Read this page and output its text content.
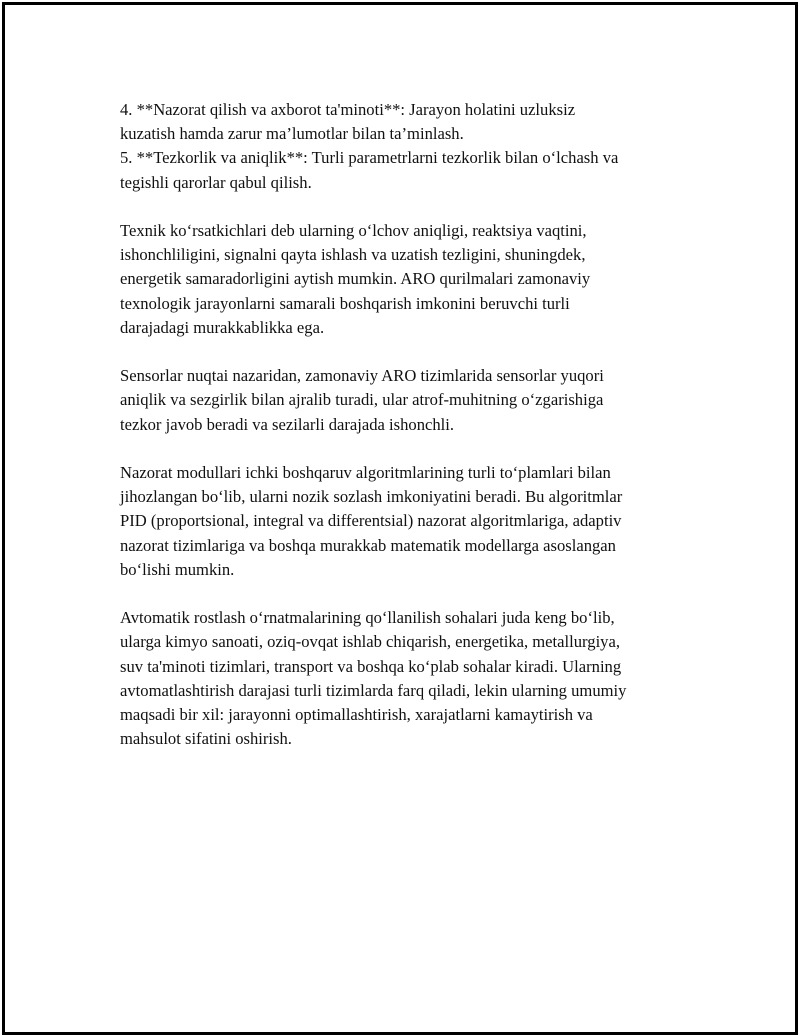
4. **Nazorat qilish va axborot ta'minoti**: Jarayon holatini uzluksiz
kuzatish hamda zarur ma’lumotlar bilan ta’minlash.
5. **Tezkorlik va aniqlik**: Turli parametrlarni tezkorlik bilan o‘lchash va
tegishli qarorlar qabul qilish.

Texnik ko‘rsatkichlari deb ularning o‘lchov aniqligi, reaktsiya vaqtini,
ishonchliligini, signalni qayta ishlash va uzatish tezligini, shuningdek,
energetik samaradorligini aytish mumkin. ARO qurilmalari zamonaviy
texnologik jarayonlarni samarali boshqarish imkonini beruvchi turli
darajadagi murakkablikka ega.

Sensorlar nuqtai nazaridan, zamonaviy ARO tizimlarida sensorlar yuqori
aniqlik va sezgirlik bilan ajralib turadi, ular atrof-muhitning o‘zgarishiga
tezkor javob beradi va sezilarli darajada ishonchli.

Nazorat modullari ichki boshqaruv algoritmlarining turli to‘plamlari bilan
jihozlangan bo‘lib, ularni nozik sozlash imkoniyatini beradi. Bu algoritmlar
PID (proportsional, integral va differentsial) nazorat algoritmlariga, adaptiv
nazorat tizimlariga va boshqa murakkab matematik modellarga asoslangan
bo‘lishi mumkin.

Avtomatik rostlash o‘rnatmalarining qo‘llanilish sohalari juda keng bo‘lib,
ularga kimyo sanoati, oziq-ovqat ishlab chiqarish, energetika, metallurgiya,
suv ta'minoti tizimlari, transport va boshqa ko‘plab sohalar kiradi. Ularning
avtomatlashtirish darajasi turli tizimlarda farq qiladi, lekin ularning umumiy
maqsadi bir xil: jarayonni optimallashtirish, xarajatlarni kamaytirish va
mahsulot sifatini oshirish.
